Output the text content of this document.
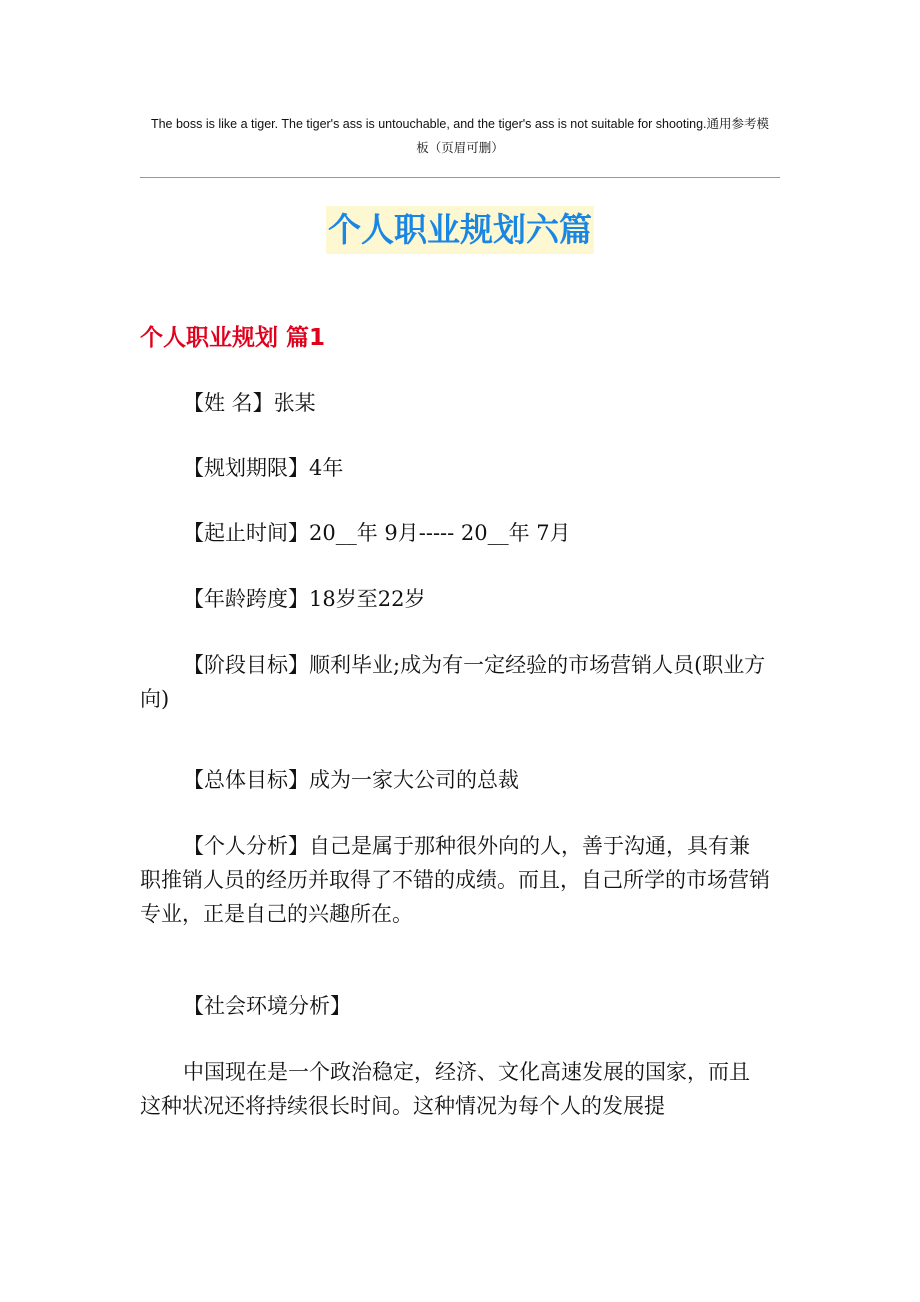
The boss is like a tiger. The tiger's ass is untouchable, and the tiger's ass is not suitable for shooting.通用参考模
板（页眉可删）
个人职业规划六篇
个人职业规划 篇1

【姓 名】张某

【规划期限】4年

【起止时间】20__年 9月----- 20__年 7月

【年龄跨度】18岁至22岁

【阶段目标】顺利毕业;成为有一定经验的市场营销人员(职业方向)

【总体目标】成为一家大公司的总裁

【个人分析】自己是属于那种很外向的人，善于沟通，具有兼职推销人员的经历并取得了不错的成绩。而且，自己所学的市场营销专业，正是自己的兴趣所在。

【社会环境分析】

中国现在是一个政治稳定，经济、文化高速发展的国家，而且这种状况还将持续很长时间。这种情况为每个人的发展提
